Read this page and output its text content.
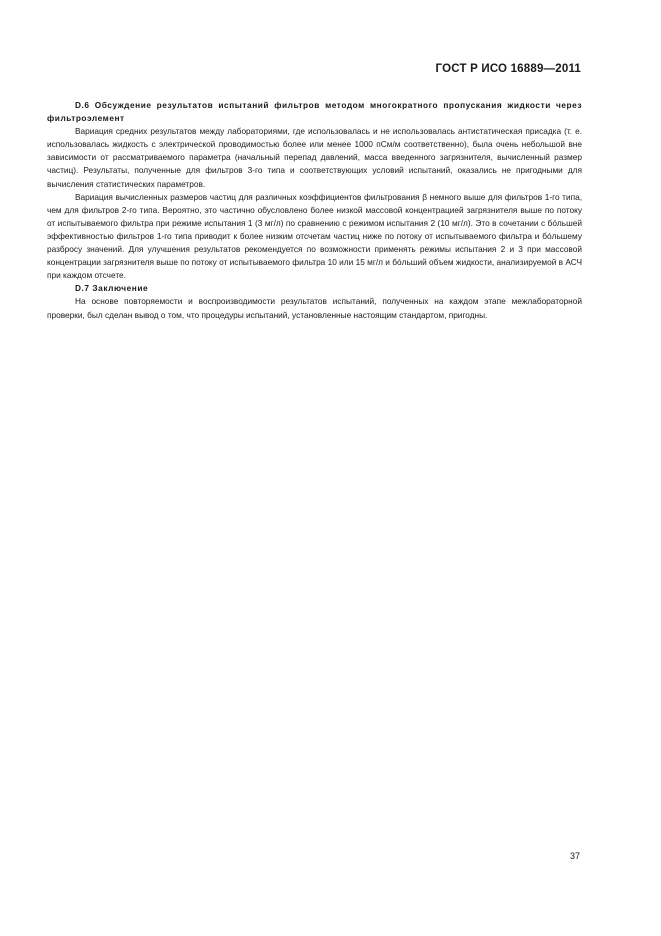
ГОСТ Р ИСО 16889—2011

D.6 Обсуждение результатов испытаний фильтров методом многократного пропускания жидкости через фильтроэлемент

Вариация средних результатов между лабораториями, где использовалась и не использовалась антистатическая присадка (т. е. использовалась жидкость с электрической проводимостью более или менее 1000 пСм/м соответственно), была очень небольшой вне зависимости от рассматриваемого параметра (начальный перепад давлений, масса введенного загрязнителя, вычисленный размер частиц). Результаты, полученные для фильтров 3-го типа и соответствующих условий испытаний, оказались не пригодными для вычисления статистических параметров.

Вариация вычисленных размеров частиц для различных коэффициентов фильтрования β немного выше для фильтров 1-го типа, чем для фильтров 2-го типа. Вероятно, это частично обусловлено более низкой массовой концентрацией загрязнителя выше по потоку от испытываемого фильтра при режиме испытания 1 (3 мг/л) по сравнению с режимом испытания 2 (10 мг/л). Это в сочетании с бóльшей эффективностью фильтров 1-го типа приводит к более низким отсчетам частиц ниже по потоку от испытываемого фильтра и бóльшему разбросу значений. Для улучшения результатов рекомендуется по возможности применять режимы испытания 2 и 3 при массовой концентрации загрязнителя выше по потоку от испытываемого фильтра 10 или 15 мг/л и бóльший объем жидкости, анализируемой в АСЧ при каждом отсчете.

D.7 Заключение

На основе повторяемости и воспроизводимости результатов испытаний, полученных на каждом этапе межлабораторной проверки, был сделан вывод о том, что процедуры испытаний, установленные настоящим стандартом, пригодны.

37
